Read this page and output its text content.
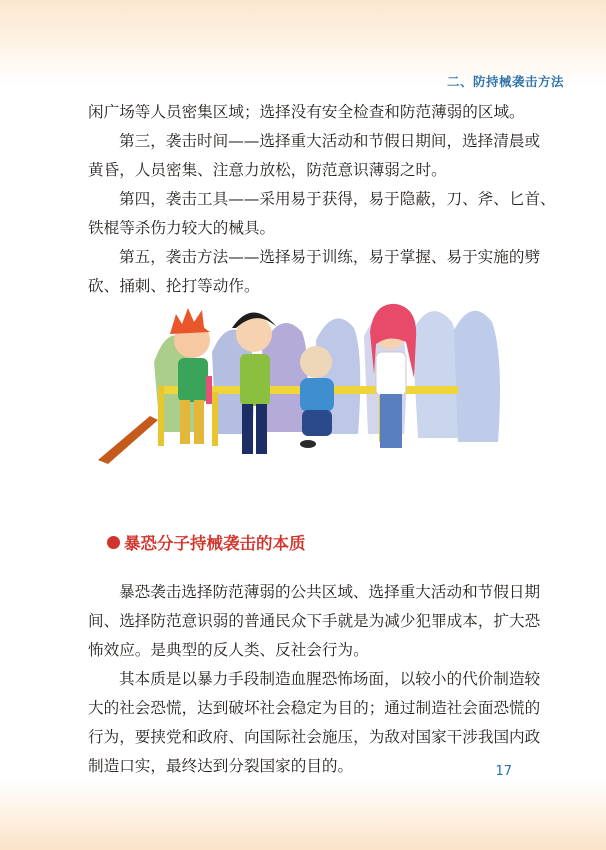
二、防持械袭击方法

闲广场等人员密集区域；选择没有安全检查和防范薄弱的区域。

第三，袭击时间——选择重大活动和节假日期间，选择清晨或

黄昏，人员密集、注意力放松，防范意识薄弱之时。

第四，袭击工具——采用易于获得，易于隐蔽，刀、斧、匕首、

铁棍等杀伤力较大的械具。

第五，袭击方法——选择易于训练，易于掌握、易于实施的劈

砍、捅刺、抡打等动作。

暴恐分子持械袭击的本质

暴恐袭击选择防范薄弱的公共区域、选择重大活动和节假日期

间、选择防范意识弱的普通民众下手就是为减少犯罪成本，扩大恐

怖效应。是典型的反人类、反社会行为。

其本质是以暴力手段制造血腥恐怖场面，以较小的代价制造较

大的社会恐慌，达到破坏社会稳定为目的；通过制造社会面恐慌的

行为，要挟党和政府、向国际社会施压，为敌对国家干涉我国内政

制造口实，最终达到分裂国家的目的。	17
